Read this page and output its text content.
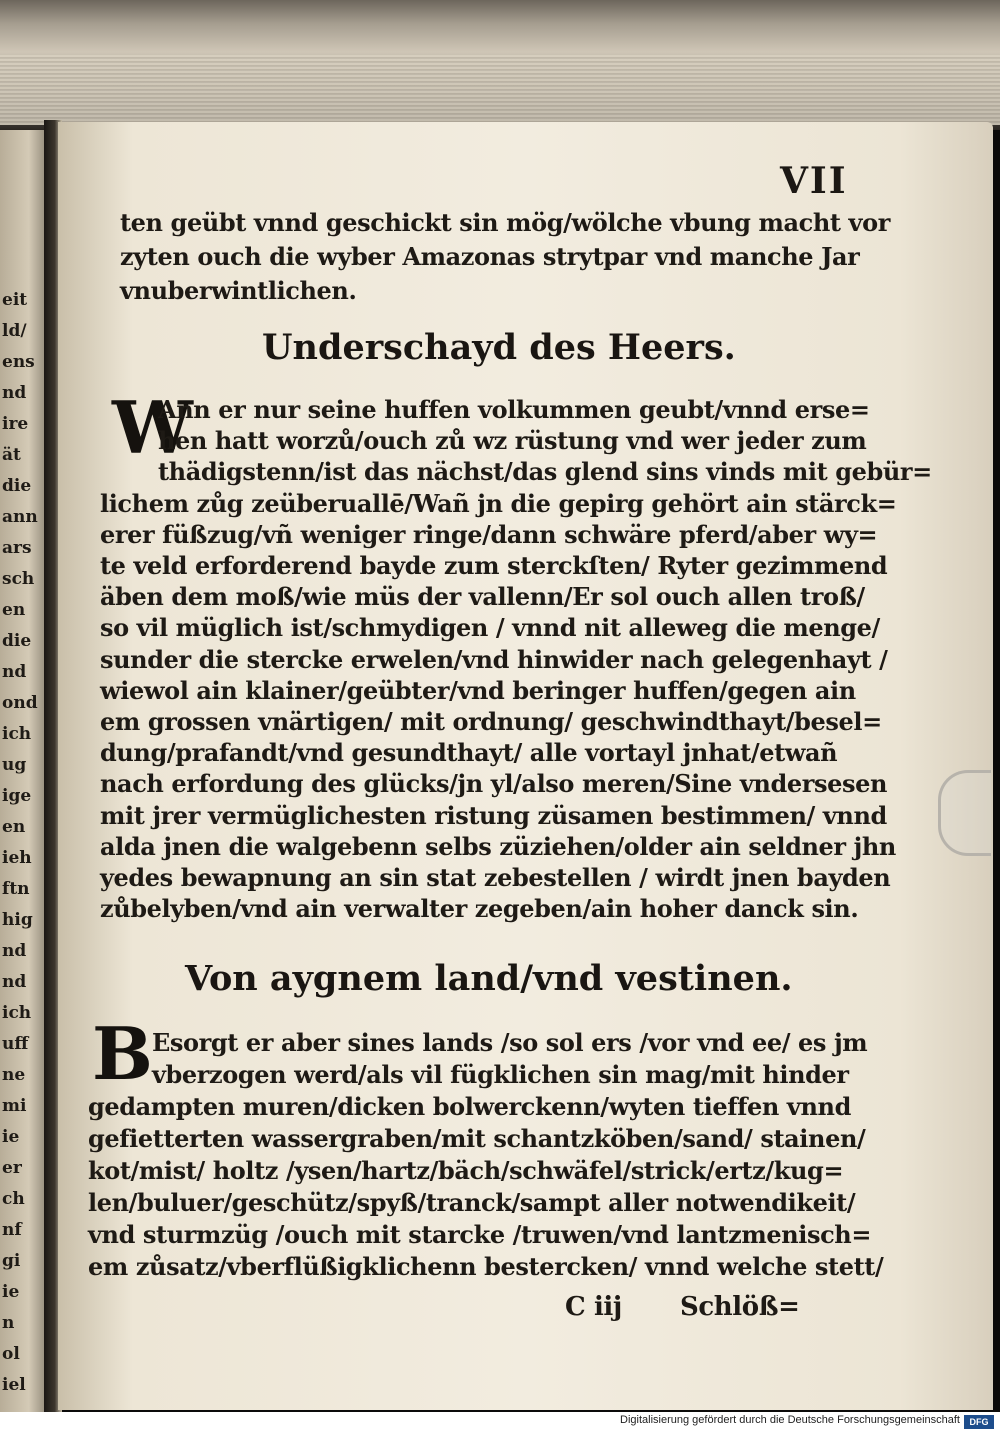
eit
ld/
ens
nd
ire
ät
die
ann
ars
sch
en
die
nd
ond
ich
ug
ige
en
ieh
ftn
hig
nd
nd
ich
uff
ne
mi
ie
er
ch
nf
gi
ie
n
ol
iel
VII
ten geübt vnnd geschickt sin mög/wölche vbung macht vor
zyten ouch die wyber Amazonas strytpar vnd manche Jar
vnuberwintlichen.
Underschayd des Heers.
W
Ann er nur seine huffen volkummen geubt/vnnd erse=
hen hatt worzů/ouch zů wz rüstung vnd wer jeder zum
thädigstenn/ist das nächst/das glend sins vinds mit gebür=
lichem zůg zeüberuallē/Wañ jn die gepirg gehört ain stärck=
erer füßzug/vñ weniger ringe/dann schwäre pferd/aber wy=
te veld erforderend bayde zum sterckſten/ Ryter gezimmend
äben dem moß/wie müs der vallenn/Er sol ouch allen troß/
so vil müglich ist/schmydigen / vnnd nit alleweg die menge/
sunder die stercke erwelen/vnd hinwider nach gelegenhayt /
wiewol ain klainer/geübter/vnd beringer huffen/gegen ain
em grossen vnärtigen/ mit ordnung/ geschwindthayt/besel=
dung/prafandt/vnd gesundthayt/ alle vortayl jnhat/etwañ
nach erfordung des glücks/jn yl/also meren/Sine vndersesen
mit jrer vermüglichesten ristung züsamen bestimmen/ vnnd
alda jnen die walgebenn selbs züziehen/older ain seldner jhn
yedes bewapnung an sin stat zebestellen / wirdt jnen bayden
zůbelyben/vnd ain verwalter zegeben/ain hoher danck sin.
Von aygnem land/vnd vestinen.
B Esorgt er aber sines lands /so sol ers /vor vnd ee/ es jm
vberzogen werd/als vil fügklichen sin mag/mit hinder
gedampten muren/dicken bolwerckenn/wyten tieffen vnnd
gefietterten wassergraben/mit schantzköben/sand/ stainen/
kot/mist/ holtz /ysen/hartz/bäch/schwäfel/strick/ertz/kug=
len/buluer/geschütz/spyß/tranck/sampt aller notwendikeit/
vnd sturmzüg /ouch mit starcke /truwen/vnd lantzmenisch=
em zůsatz/vberflüßigklichenn bestercken/ vnnd welche stett/
C iij Schlöß=
Digitalisierung gefördert durch die Deutsche Forschungsgemeinschaft	DFG
